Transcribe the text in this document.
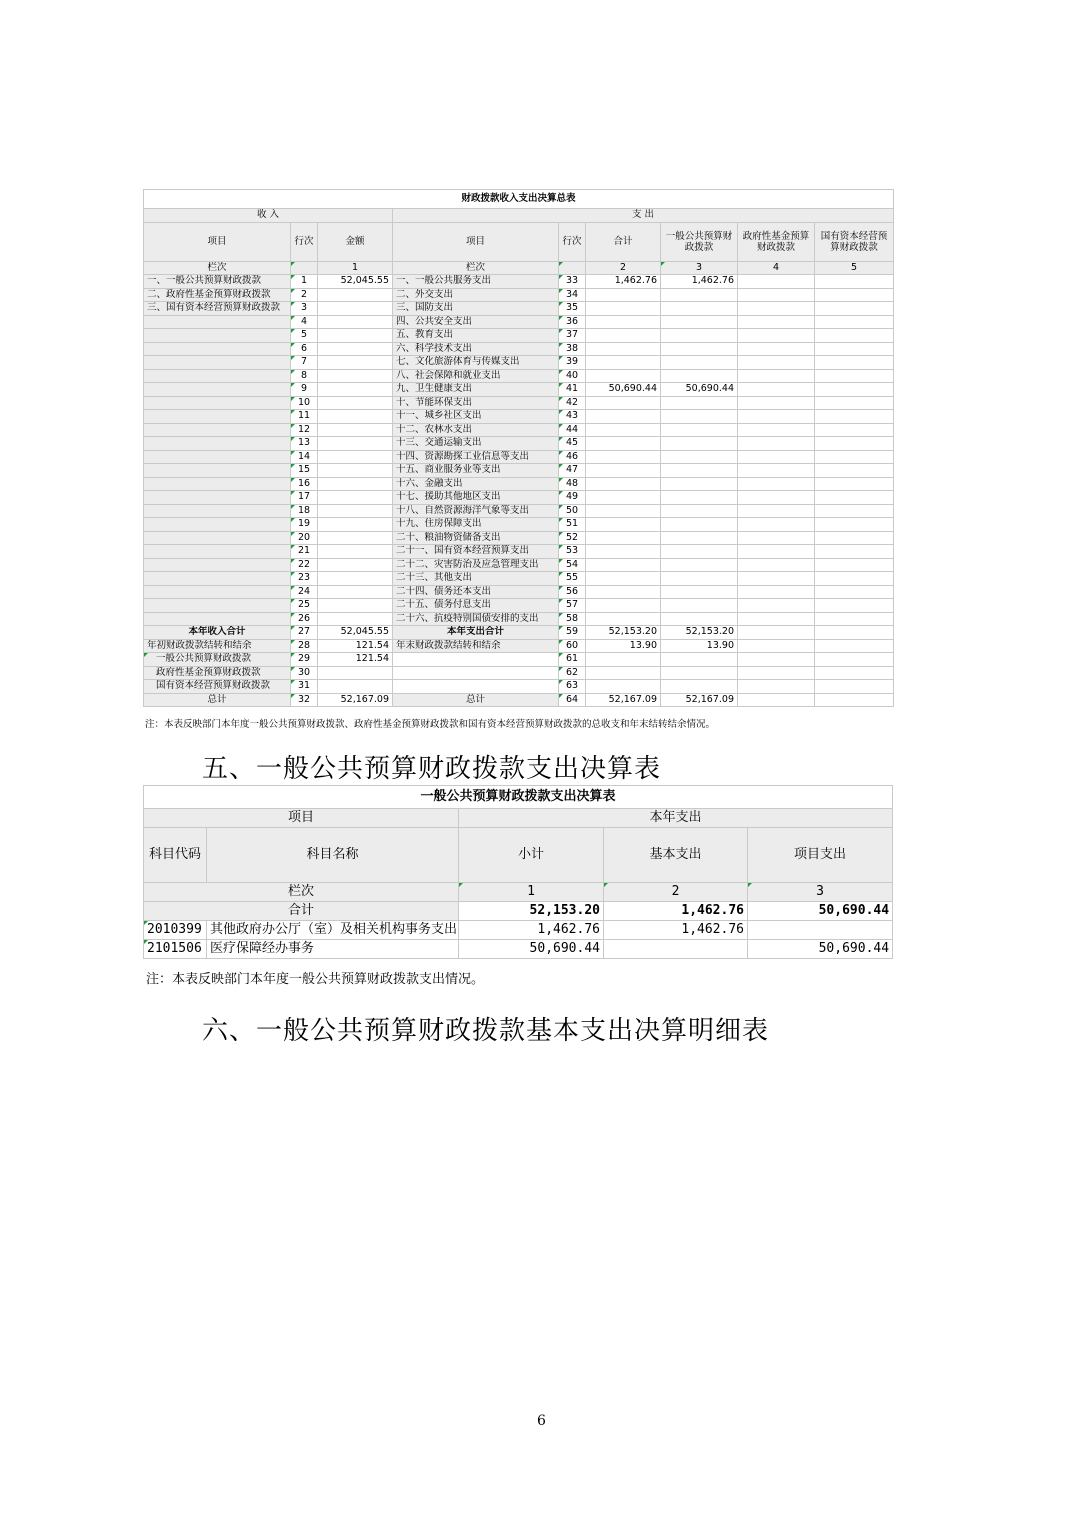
财政拨款收入支出决算总表								
收 入			支 出					
项目	行次	金额	项目	行次	合计	一般公共预算财政拨款	政府性基金预算财政拨款	国有资本经营预算财政拨款
栏次		1	栏次		2	3	4	5
一、一般公共预算财政拨款	1	52,045.55	一、一般公共服务支出	33	1,462.76	1,462.76		
二、政府性基金预算财政拨款	2		二、外交支出	34				
三、国有资本经营预算财政拨款	3		三、国防支出	35				
	4		四、公共安全支出	36				
	5		五、教育支出	37				
	6		六、科学技术支出	38				
	7		七、文化旅游体育与传媒支出	39				
	8		八、社会保障和就业支出	40				
	9		九、卫生健康支出	41	50,690.44	50,690.44		
	10		十、节能环保支出	42				
	11		十一、城乡社区支出	43				
	12		十二、农林水支出	44				
	13		十三、交通运输支出	45				
	14		十四、资源勘探工业信息等支出	46				
	15		十五、商业服务业等支出	47				
	16		十六、金融支出	48				
	17		十七、援助其他地区支出	49				
	18		十八、自然资源海洋气象等支出	50				
	19		十九、住房保障支出	51				
	20		二十、粮油物资储备支出	52				
	21		二十一、国有资本经营预算支出	53				
	22		二十二、灾害防治及应急管理支出	54				
	23		二十三、其他支出	55				
	24		二十四、债务还本支出	56				
	25		二十五、债务付息支出	57				
	26		二十六、抗疫特别国债安排的支出	58				
本年收入合计	27	52,045.55	本年支出合计	59	52,153.20	52,153.20		
年初财政拨款结转和结余	28	121.54	年末财政拨款结转和结余	60	13.90	13.90		
一般公共预算财政拨款	29	121.54		61				
政府性基金预算财政拨款	30			62				
国有资本经营预算财政拨款	31			63				
总计	32	52,167.09	总计	64	52,167.09	52,167.09		
注：本表反映部门本年度一般公共预算财政拨款、政府性基金预算财政拨款和国有资本经营预算财政拨款的总收支和年末结转结余情况。
五、一般公共预算财政拨款支出决算表
一般公共预算财政拨款支出决算表				
项目		本年支出		
科目代码	科目名称	小计	基本支出	项目支出
栏次		1	2	3
合计		52,153.20	1,462.76	50,690.44
2010399	其他政府办公厅（室）及相关机构事务支出	1,462.76	1,462.76	
2101506	医疗保障经办事务	50,690.44		50,690.44
注：本表反映部门本年度一般公共预算财政拨款支出情况。
六、一般公共预算财政拨款基本支出决算明细表
6
